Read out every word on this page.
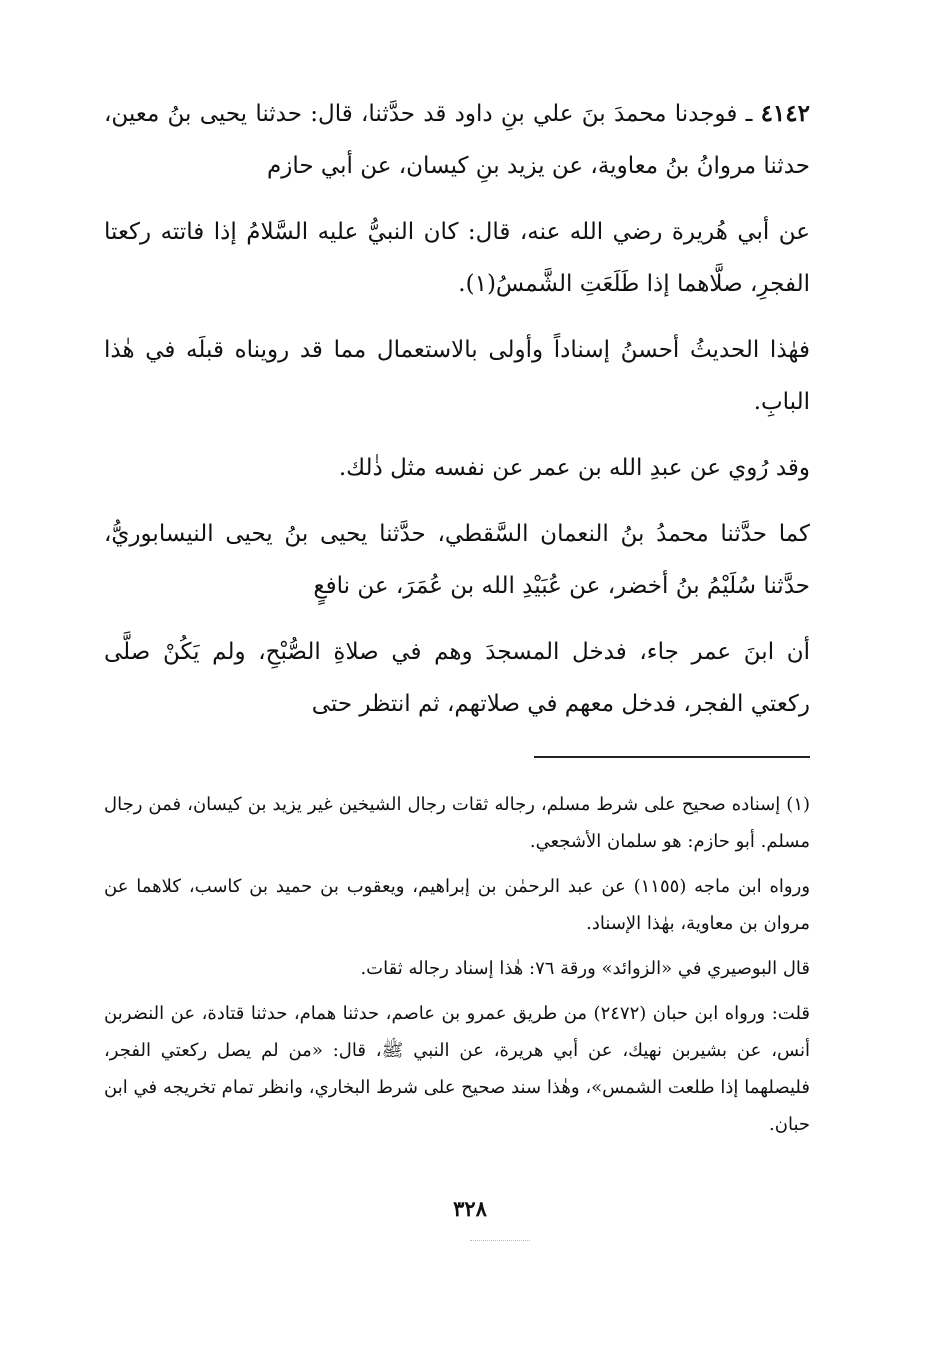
٤١٤٢ ـ فوجدنا محمدَ بنَ علي بنِ داود قد حدَّثنا، قال: حدثنا يحيى بنُ معين، حدثنا مروانُ بنُ معاوية، عن يزيد بنِ كيسان، عن أبي حازم

عن أبي هُريرة رضي الله عنه، قال: كان النبيُّ عليه السَّلامُ إذا فاتته ركعتا الفجرِ، صلَّاهما إذا طَلَعَتِ الشَّمسُ(١).

فهٰذا الحديثُ أحسنُ إسناداً وأولى بالاستعمال مما قد رويناه قبلَه في هٰذا البابِ.

وقد رُوي عن عبدِ الله بن عمر عن نفسه مثل ذٰلك.

كما حدَّثنا محمدُ بنُ النعمان السَّقطي، حدَّثنا يحيى بنُ يحيى النيسابوريُّ، حدَّثنا سُلَيْمُ بنُ أخضر، عن عُبَيْدِ الله بن عُمَرَ، عن نافعٍ

أن ابنَ عمر جاء، فدخل المسجدَ وهم في صلاةِ الصُّبْحِ، ولم يَكُنْ صلَّى ركعتي الفجر، فدخل معهم في صلاتهم، ثم انتظر حتى

(١) إسناده صحيح على شرط مسلم، رجاله ثقات رجال الشيخين غير يزيد بن كيسان، فمن رجال مسلم. أبو حازم: هو سلمان الأشجعي.

ورواه ابن ماجه (١١٥٥) عن عبد الرحمٰن بن إبراهيم، ويعقوب بن حميد بن كاسب، كلاهما عن مروان بن معاوية، بهٰذا الإسناد.

قال البوصيري في «الزوائد» ورقة ٧٦: هٰذا إسناد رجاله ثقات.

قلت: ورواه ابن حبان (٢٤٧٢) من طريق عمرو بن عاصم، حدثنا همام، حدثنا قتادة، عن النضربن أنس، عن بشيربن نهيك، عن أبي هريرة، عن النبي ﷺ، قال: «من لم يصل ركعتي الفجر، فليصلهما إذا طلعت الشمس»، وهٰذا سند صحيح على شرط البخاري، وانظر تمام تخريجه في ابن حبان.

٣٢٨
